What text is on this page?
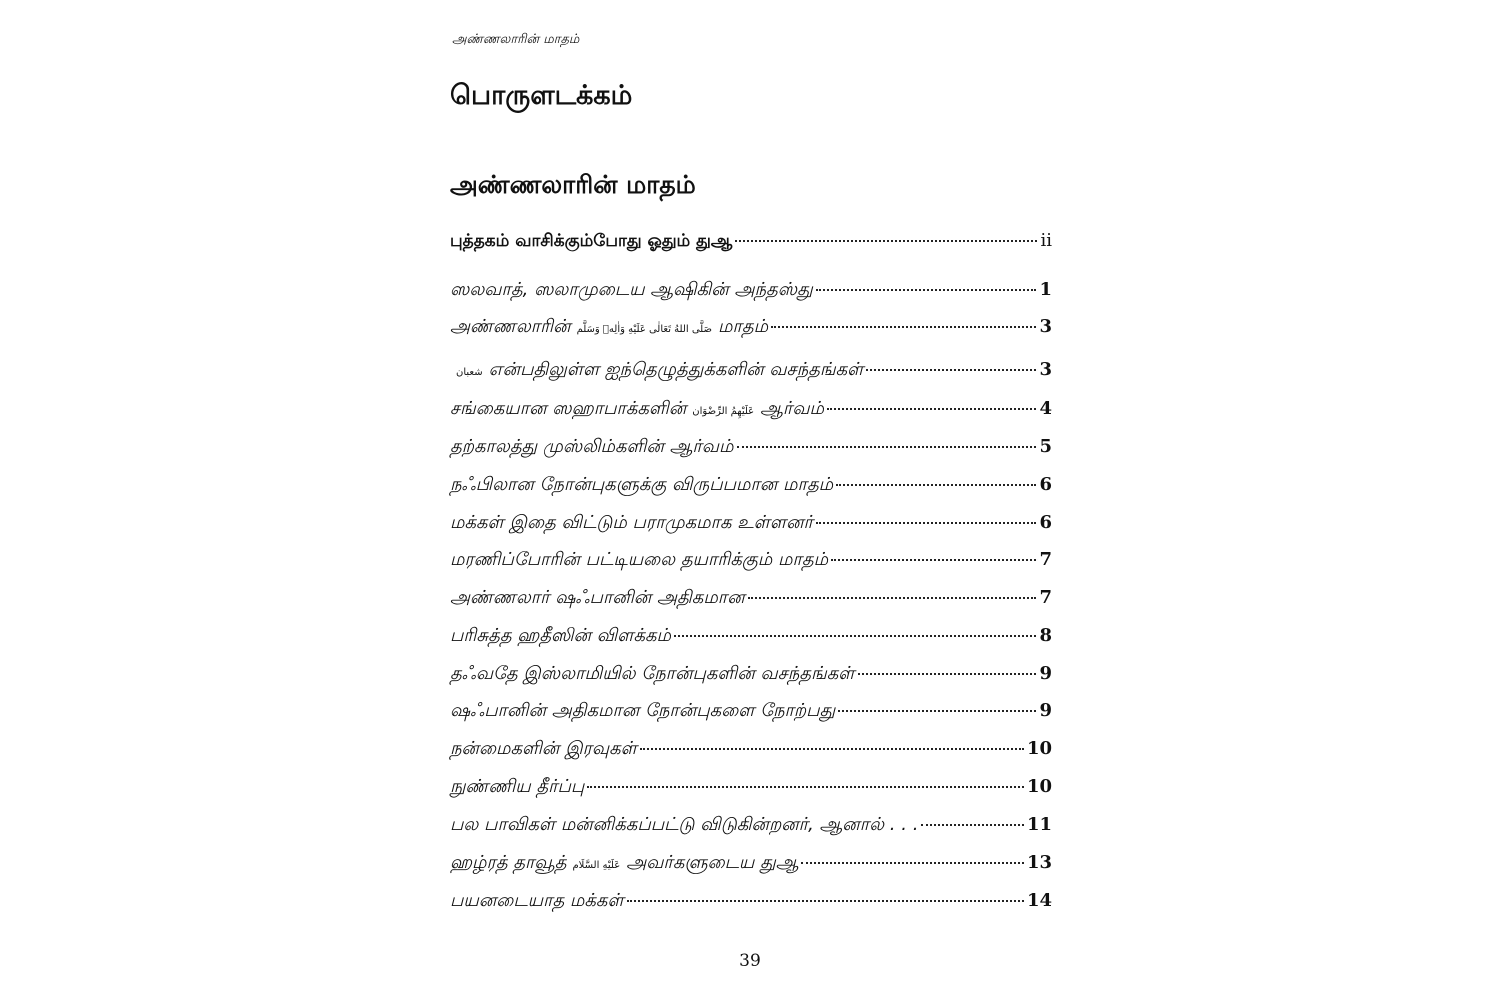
அண்ணலாரின் மாதம்
பொருளடக்கம்
அண்ணலாரின் மாதம்
புத்தகம் வாசிக்கும்போது ஓதும் துஆ	ii
ஸலவாத், ஸலாமுடைய ஆஷிகின் அந்தஸ்து	1
அண்ணலாரின் صَلَّى اللهُ تَعَالٰى عَلَيْهِ وَاٰلِهٖ وَسَلَّم மாதம்	3
شعبان என்பதிலுள்ள ஐந்தெழுத்துக்களின் வசந்தங்கள்	3
சங்கையான ஸஹாபாக்களின் عَلَيْهِمُ الرِّضْوَان ஆர்வம்	4
தற்காலத்து முஸ்லிம்களின் ஆர்வம்	5
நஃபிலான நோன்புகளுக்கு விருப்பமான மாதம்	6
மக்கள் இதை விட்டும் பராமுகமாக உள்ளனர்	6
மரணிப்போரின் பட்டியலை தயாரிக்கும் மாதம்	7
அண்ணலார் ஷஃபானின் அதிகமான	7
பரிசுத்த ஹதீஸின் விளக்கம்	8
தஃவதே இஸ்லாமியில் நோன்புகளின் வசந்தங்கள்	9
ஷஃபானின் அதிகமான நோன்புகளை நோற்பது	9
நன்மைகளின் இரவுகள்	10
நுண்ணிய தீர்ப்பு	10
பல பாவிகள் மன்னிக்கப்பட்டு விடுகின்றனர், ஆனால் . . .	11
ஹழ்ரத் தாவூத் عَلَيْهِ السَّلَام அவர்களுடைய துஆ	13
பயனடையாத மக்கள்	14
39
